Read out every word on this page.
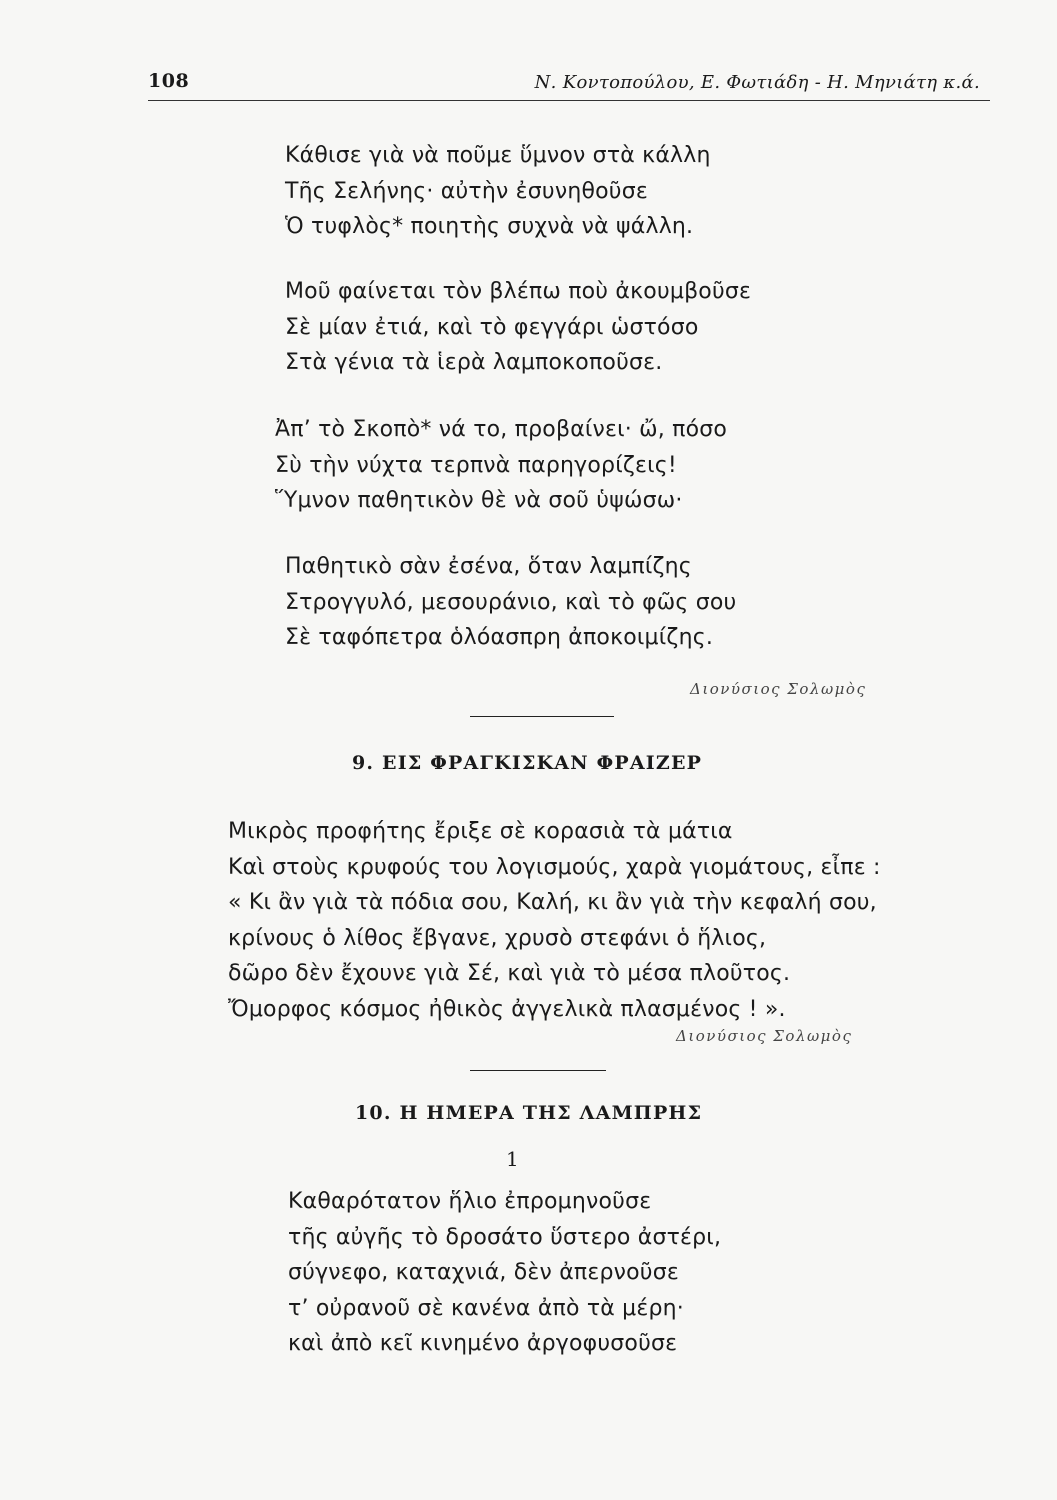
108	Ν. Κοντοπούλου, Ε. Φωτιάδη - Η. Μηνιάτη κ.ά.
Κάθισε γιὰ νὰ ποῦμε ὕμνον στὰ κάλλη
Τῆς Σελήνης· αὐτὴν ἐσυνηθοῦσε
Ὁ τυφλὸς* ποιητὴς συχνὰ νὰ ψάλλη.
Μοῦ φαίνεται τὸν βλέπω ποὺ ἀκουμβοῦσε
Σὲ μίαν ἐτιά, καὶ τὸ φεγγάρι ὡστόσο
Στὰ γένια τὰ ἱερὰ λαμποκοποῦσε.
Ἀπ’ τὸ Σκοπὸ* νά το, προβαίνει· ὤ, πόσο
Σὺ τὴν νύχτα τερπνὰ παρηγορίζεις!
Ὕμνον παθητικὸν θὲ νὰ σοῦ ὑψώσω·
Παθητικὸ σὰν ἐσένα, ὅταν λαμπίζης
Στρογγυλό, μεσουράνιο, καὶ τὸ φῶς σου
Σὲ ταφόπετρα ὁλόασπρη ἀποκοιμίζης.
Διονύσιος Σολωμὸς
9. ΕΙΣ ΦΡΑΓΚΙΣΚΑΝ ΦΡΑΙΖΕΡ
Μικρὸς προφήτης ἔριξε σὲ κορασιὰ τὰ μάτια
Καὶ στοὺς κρυφούς του λογισμούς, χαρὰ γιομάτους, εἶπε :
« Κι ἂν γιὰ τὰ πόδια σου, Καλή, κι ἂν γιὰ τὴν κεφαλή σου,
κρίνους ὁ λίθος ἔβγανε, χρυσὸ στεφάνι ὁ ἥλιος,
δῶρο δὲν ἔχουνε γιὰ Σέ, καὶ γιὰ τὸ μέσα πλοῦτος.
Ὄμορφος κόσμος ἠθικὸς ἀγγελικὰ πλασμένος ! ».
Διονύσιος Σολωμὸς
10. Η ΗΜΕΡΑ ΤΗΣ ΛΑΜΠΡΗΣ
1
Καθαρότατον ἥλιο ἐπρομηνοῦσε
τῆς αὐγῆς τὸ δροσάτο ὕστερο ἀστέρι,
σύγνεφο, καταχνιά, δὲν ἀπερνοῦσε
τ’ οὐρανοῦ σὲ κανένα ἀπὸ τὰ μέρη·
καὶ ἀπὸ κεῖ κινημένο ἀργοφυσοῦσε
